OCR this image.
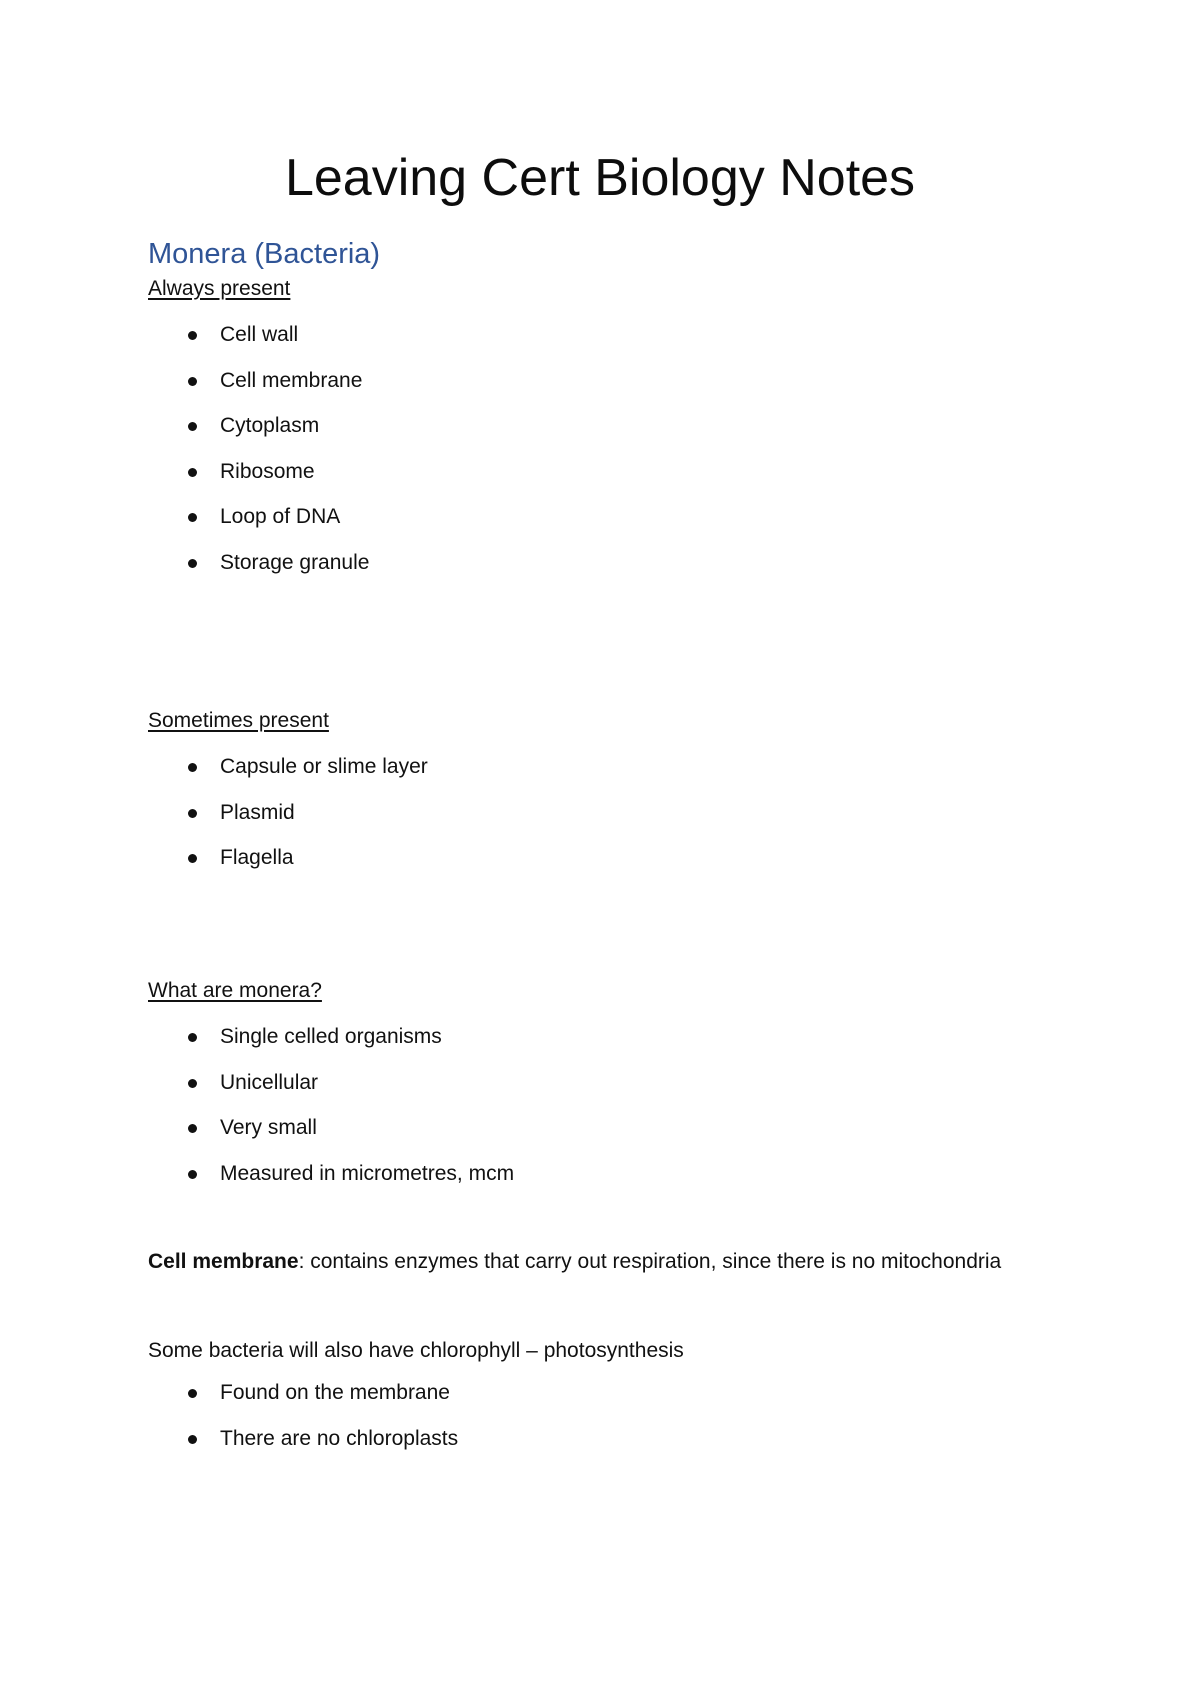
Leaving Cert Biology Notes
Monera (Bacteria)

Always present

Cell wall
Cell membrane
Cytoplasm
Ribosome
Loop of DNA
Storage granule

Sometimes present

Capsule or slime layer
Plasmid
Flagella

What are monera?

Single celled organisms
Unicellular
Very small
Measured in micrometres, mcm

Cell membrane: contains enzymes that carry out respiration, since there is no mitochondria

Some bacteria will also have chlorophyll – photosynthesis

Found on the membrane
There are no chloroplasts
